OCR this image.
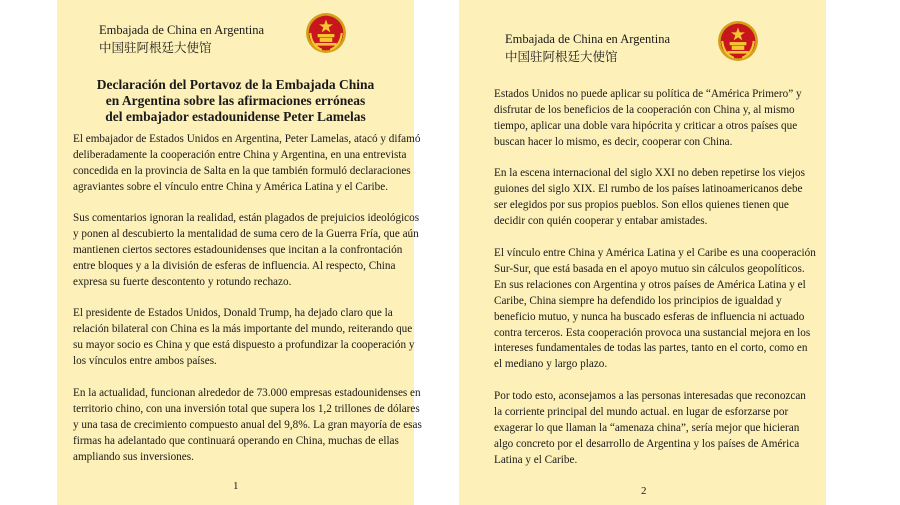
Embajada de China en Argentina
中国驻阿根廷大使馆
Declaración del Portavoz de la Embajada China
en Argentina sobre las afirmaciones erróneas
del embajador estadounidense Peter Lamelas
El embajador de Estados Unidos en Argentina, Peter Lamelas, atacó y difamó
deliberadamente la cooperación entre China y Argentina, en una entrevista
concedida en la provincia de Salta en la que también formuló declaraciones
agraviantes sobre el vínculo entre China y América Latina y el Caribe.
Sus comentarios ignoran la realidad, están plagados de prejuicios ideológicos
y ponen al descubierto la mentalidad de suma cero de la Guerra Fría, que aún
mantienen ciertos sectores estadounidenses que incitan a la confrontación
entre bloques y a la división de esferas de influencia. Al respecto, China
expresa su fuerte descontento y rotundo rechazo.
El presidente de Estados Unidos, Donald Trump, ha dejado claro que la
relación bilateral con China es la más importante del mundo, reiterando que
su mayor socio es China y que está dispuesto a profundizar la cooperación y
los vínculos entre ambos países.
En la actualidad, funcionan alrededor de 73.000 empresas estadounidenses en
territorio chino, con una inversión total que supera los 1,2 trillones de dólares
y una tasa de crecimiento compuesto anual del 9,8%. La gran mayoría de esas
firmas ha adelantado que continuará operando en China, muchas de ellas
ampliando sus inversiones.
1
Embajada de China en Argentina
中国驻阿根廷大使馆
Estados Unidos no puede aplicar su política de “América Primero” y
disfrutar de los beneficios de la cooperación con China y, al mismo
tiempo, aplicar una doble vara hipócrita y criticar a otros países que
buscan hacer lo mismo, es decir, cooperar con China.
En la escena internacional del siglo XXI no deben repetirse los viejos
guiones del siglo XIX. El rumbo de los países latinoamericanos debe
ser elegidos por sus propios pueblos. Son ellos quienes tienen que
decidir con quién cooperar y entabar amistades.
El vínculo entre China y América Latina y el Caribe es una cooperación
Sur-Sur, que está basada en el apoyo mutuo sin cálculos geopolíticos.
En sus relaciones con Argentina y otros países de América Latina y el
Caribe, China siempre ha defendido los principios de igualdad y
beneficio mutuo, y nunca ha buscado esferas de influencia ni actuado
contra terceros. Esta cooperación provoca una sustancial mejora en los
intereses fundamentales de todas las partes, tanto en el corto, como en
el mediano y largo plazo.
Por todo esto, aconsejamos a las personas interesadas que reconozcan
la corriente principal del mundo actual. en lugar de esforzarse por
exagerar lo que llaman la “amenaza china”, sería mejor que hicieran
algo concreto por el desarrollo de Argentina y los países de América
Latina y el Caribe.
2
